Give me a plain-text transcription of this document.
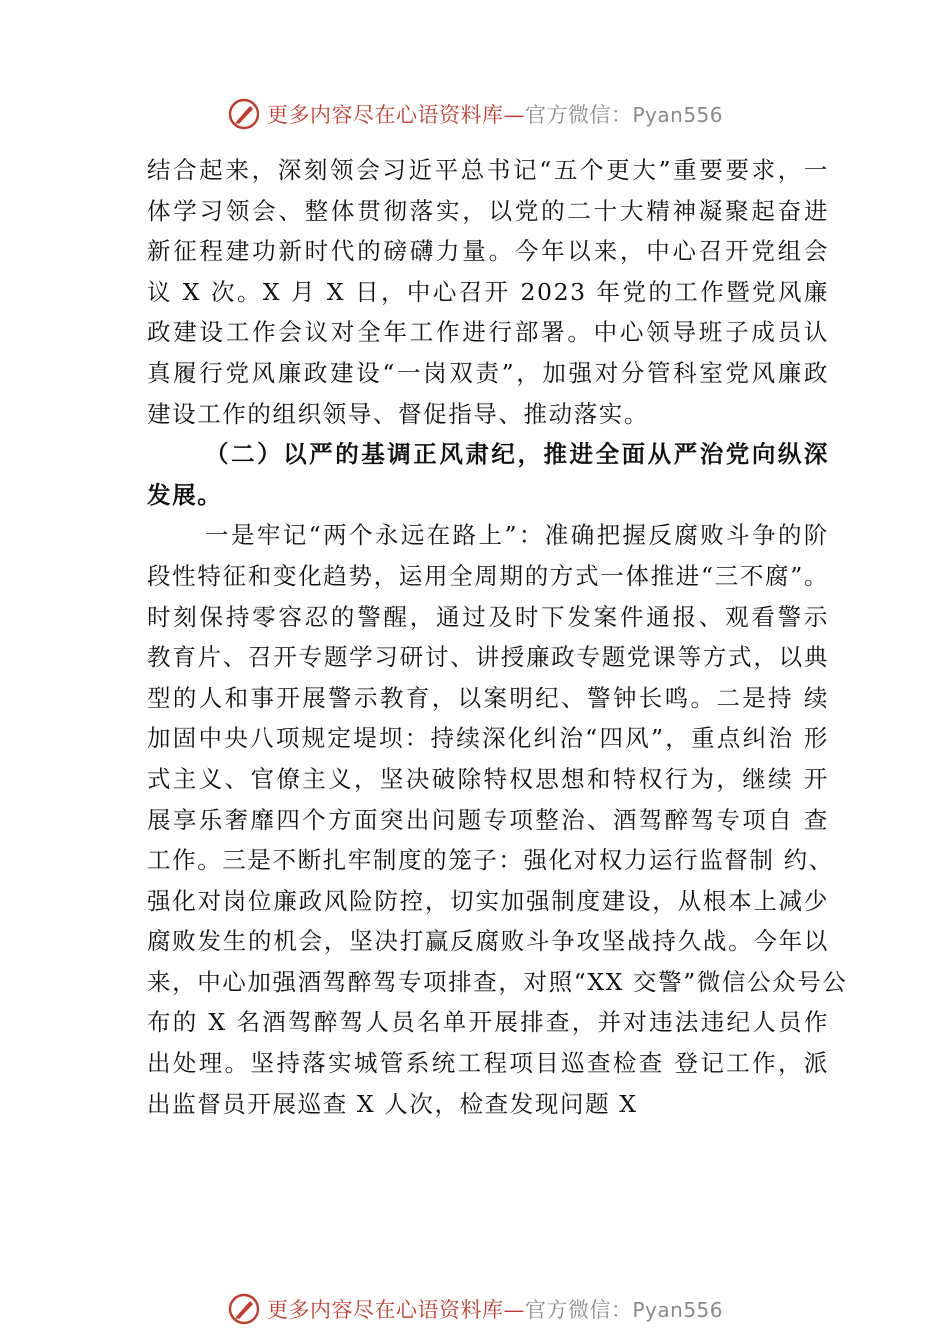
更多内容尽在心语资料库—官方微信：Pyan556
结合起来，深刻领会习近平总书记“五个更大”重要要求，一
体学习领会、整体贯彻落实，以党的二十大精神凝聚起奋进
新征程建功新时代的磅礴力量。今年以来，中心召开党组会
议 X 次。X 月 X 日，中心召开 2023 年党的工作暨党风廉
政建设工作会议对全年工作进行部署。中心领导班子成员认
真履行党风廉政建设“一岗双责”，加强对分管科室党风廉政
建设工作的组织领导、督促指导、推动落实。
（二）以严的基调正风肃纪，推进全面从严治党向纵深
发展。
一是牢记“两个永远在路上”：准确把握反腐败斗争的阶
段性特征和变化趋势，运用全周期的方式一体推进“三不腐”。
时刻保持零容忍的警醒，通过及时下发案件通报、观看警示
教育片、召开专题学习研讨、讲授廉政专题党课等方式，以典
型的人和事开展警示教育，以案明纪、警钟长鸣。二是持 续
加固中央八项规定堤坝：持续深化纠治“四风”，重点纠治 形
式主义、官僚主义，坚决破除特权思想和特权行为，继续 开
展享乐奢靡四个方面突出问题专项整治、酒驾醉驾专项自 查
工作。三是不断扎牢制度的笼子：强化对权力运行监督制 约、
强化对岗位廉政风险防控，切实加强制度建设，从根本上减少
腐败发生的机会，坚决打赢反腐败斗争攻坚战持久战。今年以
来，中心加强酒驾醉驾专项排查，对照“XX 交警”微信公众号公
布的 X 名酒驾醉驾人员名单开展排查，并对违法违纪人员作
出处理。坚持落实城管系统工程项目巡查检查 登记工作，派
出监督员开展巡查 X 人次，检查发现问题 X
更多内容尽在心语资料库—官方微信：Pyan556
